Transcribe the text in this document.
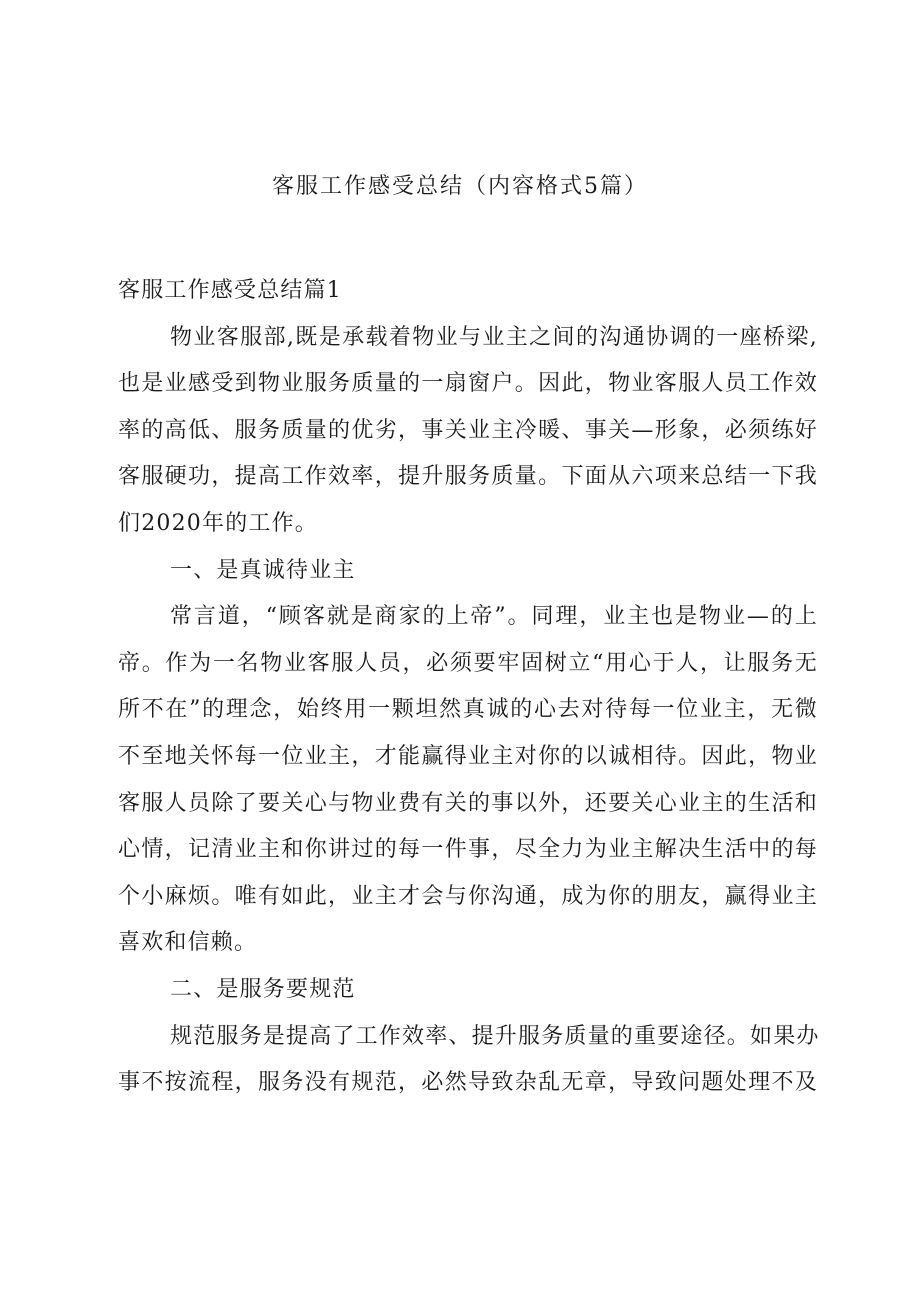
客服工作感受总结（内容格式5篇）
客服工作感受总结篇1
物业客服部,既是承载着物业与业主之间的沟通协调的一座桥梁,
也是业感受到物业服务质量的一扇窗户。因此，物业客服人员工作效
率的高低、服务质量的优劣，事关业主冷暖、事关—形象，必须练好
客服硬功，提高工作效率，提升服务质量。下面从六项来总结一下我
们2020年的工作。
一、是真诚待业主
常言道，“顾客就是商家的上帝”。同理，业主也是物业—的上
帝。作为一名物业客服人员，必须要牢固树立“用心于人，让服务无
所不在”的理念，始终用一颗坦然真诚的心去对待每一位业主，无微
不至地关怀每一位业主，才能赢得业主对你的以诚相待。因此，物业
客服人员除了要关心与物业费有关的事以外，还要关心业主的生活和
心情，记清业主和你讲过的每一件事，尽全力为业主解决生活中的每
个小麻烦。唯有如此，业主才会与你沟通，成为你的朋友，赢得业主
喜欢和信赖。
二、是服务要规范
规范服务是提高了工作效率、提升服务质量的重要途径。如果办
事不按流程，服务没有规范，必然导致杂乱无章，导致问题处理不及
